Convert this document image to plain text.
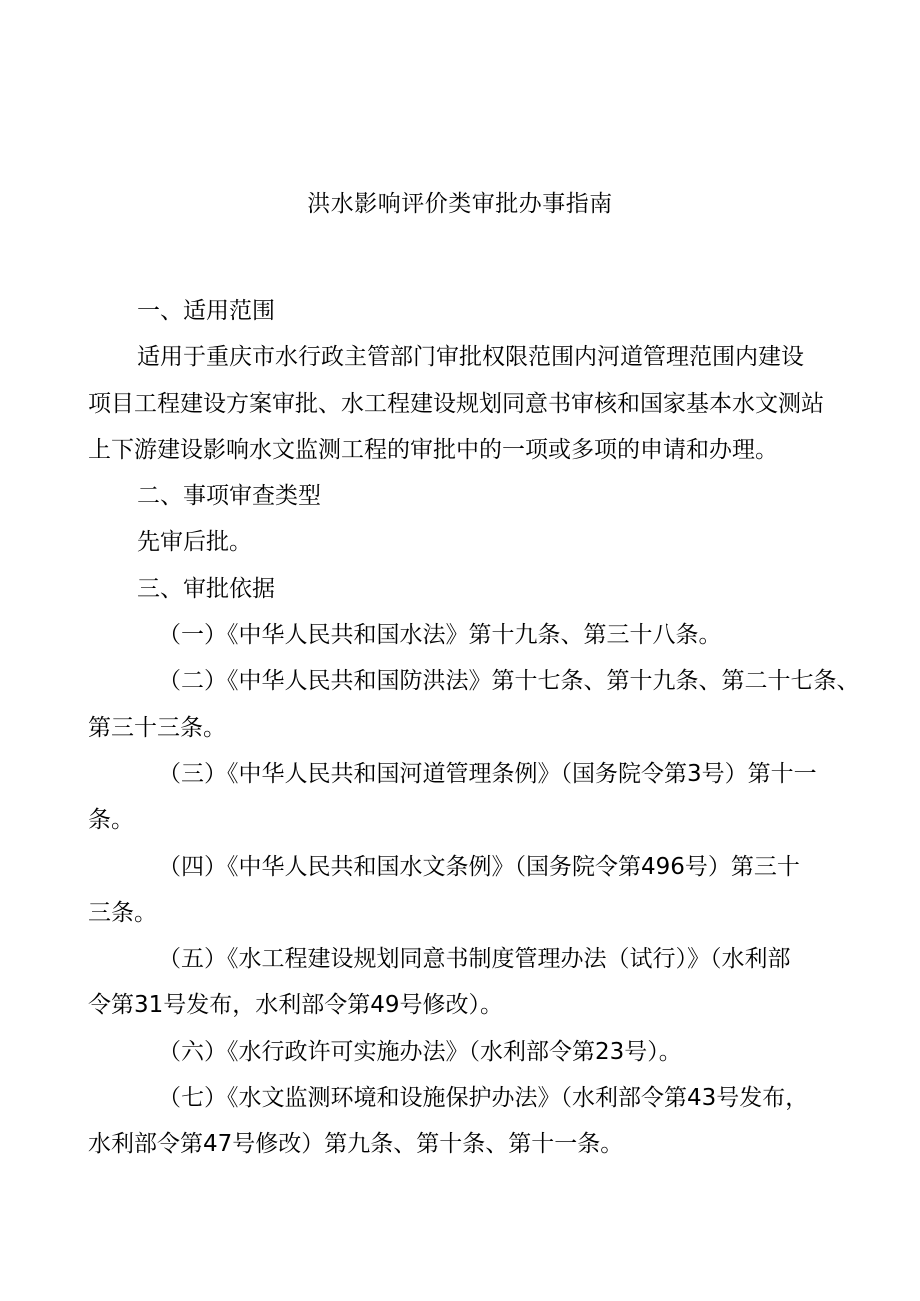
洪水影响评价类审批办事指南

一、适用范围

适用于重庆市水行政主管部门审批权限范围内河道管理范围内建设

项目工程建设方案审批、水工程建设规划同意书审核和国家基本水文测站

上下游建设影响水文监测工程的审批中的一项或多项的申请和办理。

二、事项审查类型

先审后批。

三、审批依据

（一）《中华人民共和国水法》第十九条、第三十八条。

（二）《中华人民共和国防洪法》第十七条、第十九条、第二十七条、

第三十三条。

（三）《中华人民共和国河道管理条例》（国务院令第3号）第十一

条。

（四）《中华人民共和国水文条例》（国务院令第496号）第三十

三条。

（五）《水工程建设规划同意书制度管理办法（试行）》（水利部

令第31号发布，水利部令第49号修改）。

（六）《水行政许可实施办法》（水利部令第23号）。

（七）《水文监测环境和设施保护办法》（水利部令第43号发布，

水利部令第47号修改）第九条、第十条、第十一条。
